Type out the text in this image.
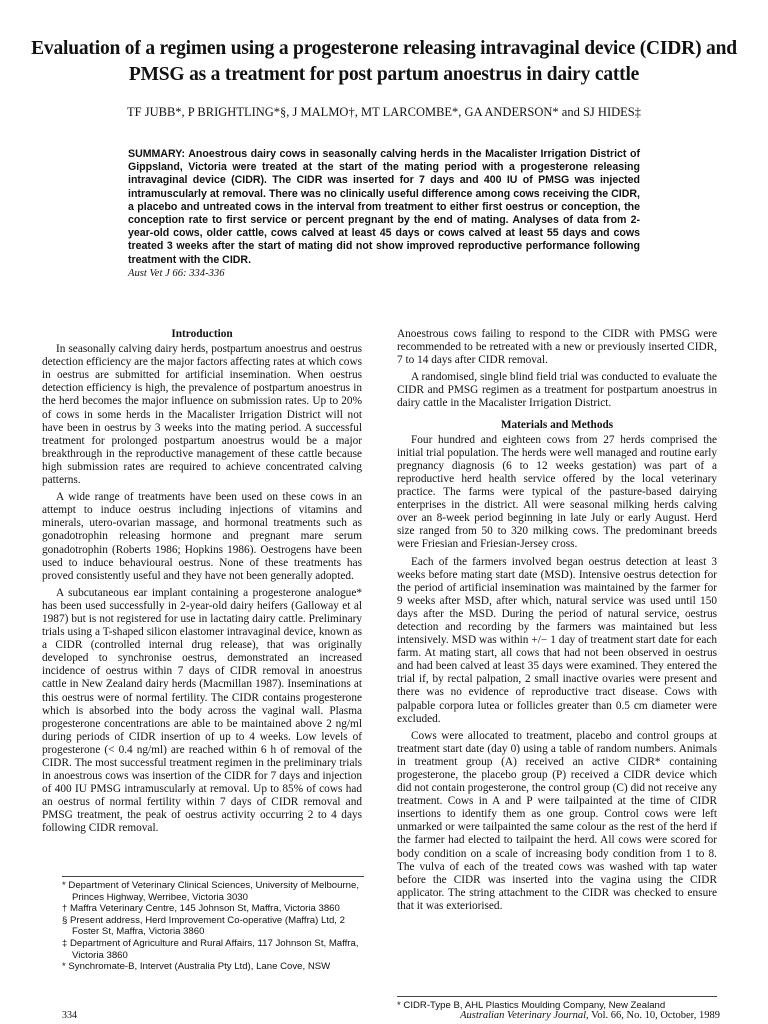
Evaluation of a regimen using a progesterone releasing intravaginal device (CIDR) and PMSG as a treatment for post partum anoestrus in dairy cattle
TF JUBB*, P BRIGHTLING*§, J MALMO†, MT LARCOMBE*, GA ANDERSON* and SJ HIDES‡
SUMMARY: Anoestrous dairy cows in seasonally calving herds in the Macalister Irrigation District of Gippsland, Victoria were treated at the start of the mating period with a progesterone releasing intravaginal device (CIDR). The CIDR was inserted for 7 days and 400 IU of PMSG was injected intramuscularly at removal. There was no clinically useful difference among cows receiving the CIDR, a placebo and untreated cows in the interval from treatment to either first oestrus or conception, the conception rate to first service or percent pregnant by the end of mating. Analyses of data from 2-year-old cows, older cattle, cows calved at least 45 days or cows calved at least 55 days and cows treated 3 weeks after the start of mating did not show improved reproductive performance following treatment with the CIDR.
Aust Vet J 66: 334-336
Introduction

In seasonally calving dairy herds, postpartum anoestrus and oestrus detection efficiency are the major factors affecting rates at which cows in oestrus are submitted for artificial insemination. When oestrus detection efficiency is high, the prevalence of postpartum anoestrus in the herd becomes the major influence on submission rates. Up to 20% of cows in some herds in the Macalister Irrigation District will not have been in oestrus by 3 weeks into the mating period. A successful treatment for prolonged postpartum anoestrus would be a major breakthrough in the reproductive management of these cattle because high submission rates are required to achieve concentrated calving patterns.

A wide range of treatments have been used on these cows in an attempt to induce oestrus including injections of vitamins and minerals, utero-ovarian massage, and hormonal treatments such as gonadotrophin releasing hormone and pregnant mare serum gonadotrophin (Roberts 1986; Hopkins 1986). Oestrogens have been used to induce behavioural oestrus. None of these treatments has proved consistently useful and they have not been generally adopted.

A subcutaneous ear implant containing a progesterone analogue* has been used successfully in 2-year-old dairy heifers (Galloway et al 1987) but is not registered for use in lactating dairy cattle. Preliminary trials using a T-shaped silicon elastomer intravaginal device, known as a CIDR (controlled internal drug release), that was originally developed to synchronise oestrus, demonstrated an increased incidence of oestrus within 7 days of CIDR removal in anoestrus cattle in New Zealand dairy herds (Macmillan 1987). Inseminations at this oestrus were of normal fertility. The CIDR contains progesterone which is absorbed into the body across the vaginal wall. Plasma progesterone concentrations are able to be maintained above 2 ng/ml during periods of CIDR insertion of up to 4 weeks. Low levels of progesterone (< 0.4 ng/ml) are reached within 6 h of removal of the CIDR. The most successful treatment regimen in the preliminary trials in anoestrous cows was insertion of the CIDR for 7 days and injection of 400 IU PMSG intramuscularly at removal. Up to 85% of cows had an oestrus of normal fertility within 7 days of CIDR removal and PMSG treatment, the peak of oestrus activity occurring 2 to 4 days following CIDR removal.

* Department of Veterinary Clinical Sciences, University of Melbourne, Princes Highway, Werribee, Victoria 3030
† Maffra Veterinary Centre, 145 Johnson St, Maffra, Victoria 3860
§ Present address, Herd Improvement Co-operative (Maffra) Ltd, 2 Foster St, Maffra, Victoria 3860
‡ Department of Agriculture and Rural Affairs, 117 Johnson St, Maffra, Victoria 3860
* Synchromate-B, Intervet (Australia Pty Ltd), Lane Cove, NSW

Anoestrous cows failing to respond to the CIDR with PMSG were recommended to be retreated with a new or previously inserted CIDR, 7 to 14 days after CIDR removal.

A randomised, single blind field trial was conducted to evaluate the CIDR and PMSG regimen as a treatment for postpartum anoestrus in dairy cattle in the Macalister Irrigation District.

Materials and Methods

Four hundred and eighteen cows from 27 herds comprised the initial trial population. The herds were well managed and routine early pregnancy diagnosis (6 to 12 weeks gestation) was part of a reproductive herd health service offered by the local veterinary practice. The farms were typical of the pasture-based dairying enterprises in the district. All were seasonal milking herds calving over an 8-week period beginning in late July or early August. Herd size ranged from 50 to 320 milking cows. The predominant breeds were Friesian and Friesian-Jersey cross.

Each of the farmers involved began oestrus detection at least 3 weeks before mating start date (MSD). Intensive oestrus detection for the period of artificial insemination was maintained by the farmer for 9 weeks after MSD, after which, natural service was used until 150 days after the MSD. During the period of natural service, oestrus detection and recording by the farmers was maintained but less intensively. MSD was within +/− 1 day of treatment start date for each farm. At mating start, all cows that had not been observed in oestrus and had been calved at least 35 days were examined. They entered the trial if, by rectal palpation, 2 small inactive ovaries were present and there was no evidence of reproductive tract disease. Cows with palpable corpora lutea or follicles greater than 0.5 cm diameter were excluded.

Cows were allocated to treatment, placebo and control groups at treatment start date (day 0) using a table of random numbers. Animals in treatment group (A) received an active CIDR* containing progesterone, the placebo group (P) received a CIDR device which did not contain progesterone, the control group (C) did not receive any treatment. Cows in A and P were tailpainted at the time of CIDR insertions to identify them as one group. Control cows were left unmarked or were tailpainted the same colour as the rest of the herd if the farmer had elected to tailpaint the herd. All cows were scored for body condition on a scale of increasing body condition from 1 to 8. The vulva of each of the treated cows was washed with tap water before the CIDR was inserted into the vagina using the CIDR applicator. The string attachment to the CIDR was checked to ensure that it was exteriorised.

* CIDR-Type B, AHL Plastics Moulding Company, New Zealand
334	Australian Veterinary Journal, Vol. 66, No. 10, October, 1989
